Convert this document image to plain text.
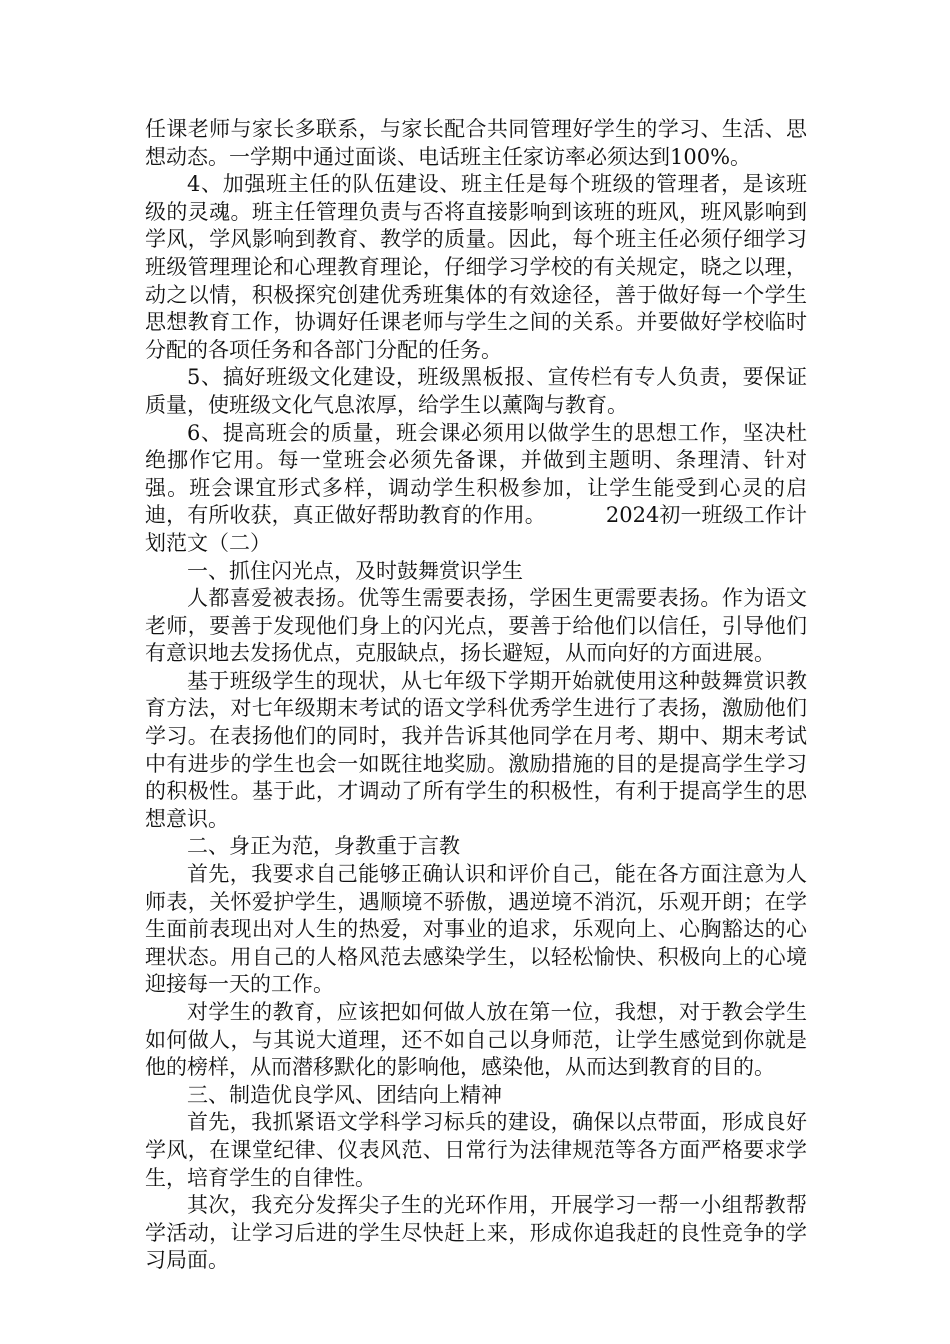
任课老师与家长多联系，与家长配合共同管理好学生的学习、生活、思想动态。一学期中通过面谈、电话班主任家访率必须达到100%。

4、加强班主任的队伍建设、班主任是每个班级的管理者，是该班级的灵魂。班主任管理负责与否将直接影响到该班的班风，班风影响到学风，学风影响到教育、教学的质量。因此，每个班主任必须仔细学习班级管理理论和心理教育理论，仔细学习学校的有关规定，晓之以理，动之以情，积极探究创建优秀班集体的有效途径，善于做好每一个学生思想教育工作，协调好任课老师与学生之间的关系。并要做好学校临时分配的各项任务和各部门分配的任务。

5、搞好班级文化建设，班级黑板报、宣传栏有专人负责，要保证质量，使班级文化气息浓厚，给学生以薰陶与教育。

6、提高班会的质量，班会课必须用以做学生的思想工作，坚决杜绝挪作它用。每一堂班会必须先备课，并做到主题明、条理清、针对强。班会课宜形式多样，调动学生积极参加，让学生能受到心灵的启迪，有所收获，真正做好帮助教育的作用。	2024初一班级工作计划范文（二）

一、抓住闪光点，及时鼓舞赏识学生

人都喜爱被表扬。优等生需要表扬，学困生更需要表扬。作为语文老师，要善于发现他们身上的闪光点，要善于给他们以信任，引导他们有意识地去发扬优点，克服缺点，扬长避短，从而向好的方面进展。

基于班级学生的现状，从七年级下学期开始就使用这种鼓舞赏识教育方法，对七年级期末考试的语文学科优秀学生进行了表扬，激励他们学习。在表扬他们的同时，我并告诉其他同学在月考、期中、期末考试中有进步的学生也会一如既往地奖励。激励措施的目的是提高学生学习的积极性。基于此，才调动了所有学生的积极性，有利于提高学生的思想意识。

二、身正为范，身教重于言教

首先，我要求自己能够正确认识和评价自己，能在各方面注意为人师表，关怀爱护学生，遇顺境不骄傲，遇逆境不消沉，乐观开朗；在学生面前表现出对人生的热爱，对事业的追求，乐观向上、心胸豁达的心理状态。用自己的人格风范去感染学生，以轻松愉快、积极向上的心境迎接每一天的工作。

对学生的教育，应该把如何做人放在第一位，我想，对于教会学生如何做人，与其说大道理，还不如自己以身师范，让学生感觉到你就是他的榜样，从而潜移默化的影响他，感染他，从而达到教育的目的。

三、制造优良学风、团结向上精神

首先，我抓紧语文学科学习标兵的建设，确保以点带面，形成良好学风，在课堂纪律、仪表风范、日常行为法律规范等各方面严格要求学生，培育学生的自律性。

其次，我充分发挥尖子生的光环作用，开展学习一帮一小组帮教帮学活动，让学习后进的学生尽快赶上来，形成你追我赶的良性竞争的学习局面。
